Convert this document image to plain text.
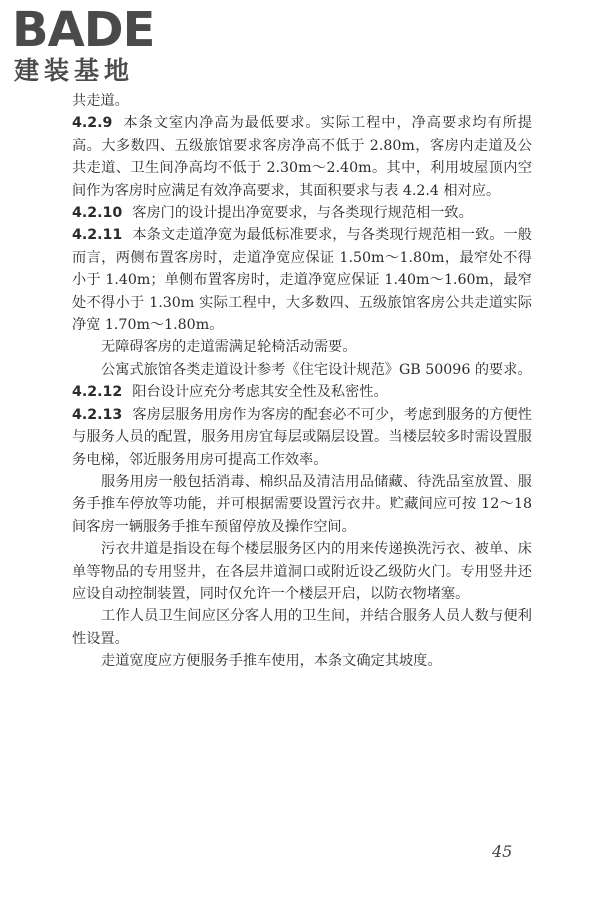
BADE
建装基地

共走道。

4.2.9 本条文室内净高为最低要求。实际工程中，净高要求均有所提高。大多数四、五级旅馆要求客房净高不低于 2.80m，客房内走道及公共走道、卫生间净高均不低于 2.30m～2.40m。其中，利用坡屋顶内空间作为客房时应满足有效净高要求，其面积要求与表 4.2.4 相对应。

4.2.10 客房门的设计提出净宽要求，与各类现行规范相一致。

4.2.11 本条文走道净宽为最低标准要求，与各类现行规范相一致。一般而言，两侧布置客房时，走道净宽应保证 1.50m～1.80m，最窄处不得小于 1.40m；单侧布置客房时，走道净宽应保证 1.40m～1.60m，最窄处不得小于 1.30m 实际工程中，大多数四、五级旅馆客房公共走道实际净宽 1.70m～1.80m。

无障碍客房的走道需满足轮椅活动需要。

公寓式旅馆各类走道设计参考《住宅设计规范》GB 50096 的要求。

4.2.12 阳台设计应充分考虑其安全性及私密性。

4.2.13 客房层服务用房作为客房的配套必不可少，考虑到服务的方便性与服务人员的配置，服务用房宜每层或隔层设置。当楼层较多时需设置服务电梯，邻近服务用房可提高工作效率。

服务用房一般包括消毒、棉织品及清洁用品储藏、待洗品室放置、服务手推车停放等功能，并可根据需要设置污衣井。贮藏间应可按 12～18 间客房一辆服务手推车预留停放及操作空间。

污衣井道是指设在每个楼层服务区内的用来传递换洗污衣、被单、床单等物品的专用竖井，在各层井道洞口或附近设乙级防火门。专用竖井还应设自动控制装置，同时仅允许一个楼层开启，以防衣物堵塞。

工作人员卫生间应区分客人用的卫生间，并结合服务人员人数与便利性设置。

走道宽度应方便服务手推车使用，本条文确定其坡度。

45
